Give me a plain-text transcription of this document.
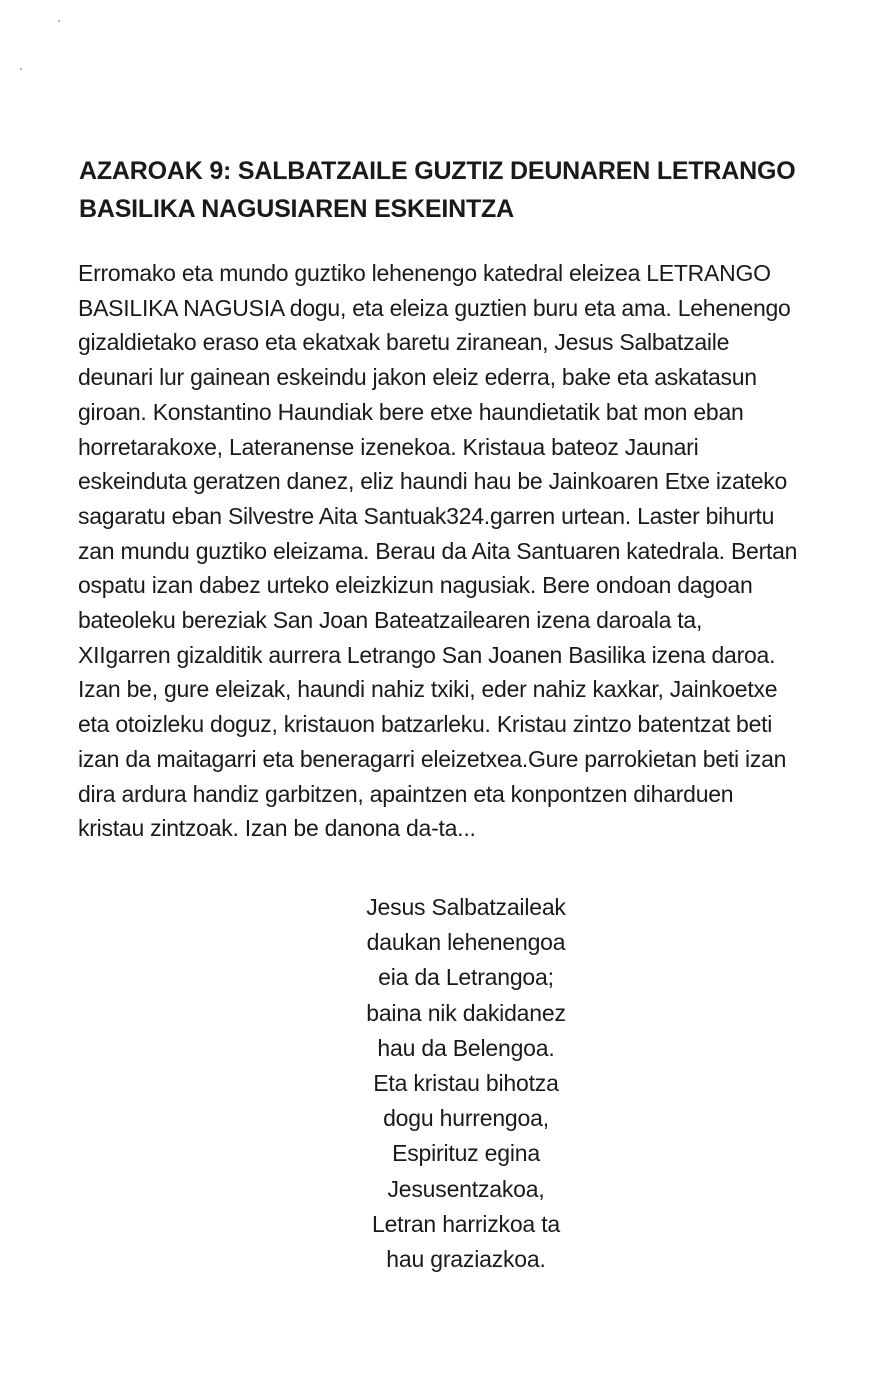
AZAROAK 9: SALBATZAILE GUZTIZ DEUNAREN LETRANGO
BASILIKA NAGUSIAREN ESKEINTZA
Erromako eta mundo guztiko lehenengo katedral eleizea LETRANGO
BASILIKA NAGUSIA dogu, eta eleiza guztien buru eta ama. Lehenengo
gizaldietako eraso eta ekatxak baretu ziranean, Jesus Salbatzaile
deunari lur gainean eskeindu jakon eleiz ederra, bake eta askatasun
giroan. Konstantino Haundiak bere etxe haundietatik bat mon eban
horretarakoxe, Lateranense izenekoa. Kristaua bateoz Jaunari
eskeinduta geratzen danez, eliz haundi hau be Jainkoaren Etxe izateko
sagaratu eban Silvestre Aita Santuak324.garren urtean. Laster bihurtu
zan mundu guztiko eleizama. Berau da Aita Santuaren katedrala. Bertan
ospatu izan dabez urteko eleizkizun nagusiak. Bere ondoan dagoan
bateoleku bereziak San Joan Bateatzailearen izena daroala ta,
XIIgarren gizalditik aurrera Letrango San Joanen Basilika izena daroa.
Izan be, gure eleizak, haundi nahiz txiki, eder nahiz kaxkar, Jainkoetxe
eta otoizleku doguz, kristauon batzarleku. Kristau zintzo batentzat beti
izan da maitagarri eta beneragarri eleizetxea.Gure parrokietan beti izan
dira ardura handiz garbitzen, apaintzen eta konpontzen diharduen
kristau zintzoak. Izan be danona da-ta...
Jesus Salbatzaileak
daukan lehenengoa
eia da Letrangoa;
baina nik dakidanez
hau da Belengoa.
Eta kristau bihotza
dogu hurrengoa,
Espirituz egina
Jesusentzakoa,
Letran harrizkoa ta
hau graziazkoa.
